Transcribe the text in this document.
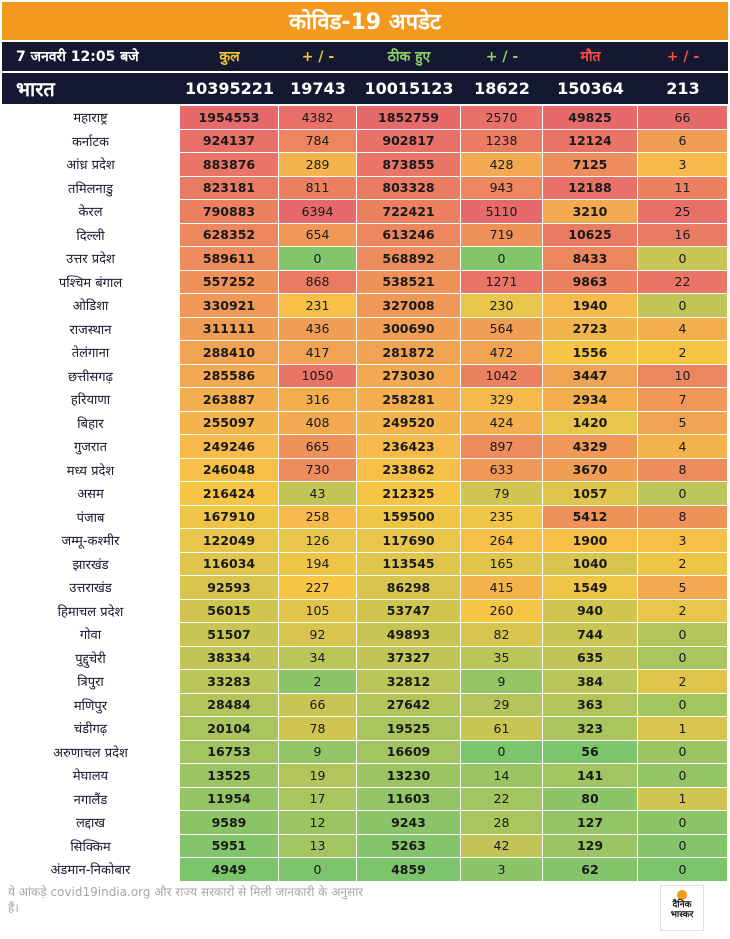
कोविड-19 अपडेट
7 जनवरी 12:05 बजे	कुल	+ / -	ठीक हुए	+ / -	मौत	+ / -
भारत	10395221	19743	10015123	18622	150364	213
महाराष्ट्र	1954553	4382	1852759	2570	49825	66
कर्नाटक	924137	784	902817	1238	12124	6
आंध्र प्रदेश	883876	289	873855	428	7125	3
तमिलनाडु	823181	811	803328	943	12188	11
केरल	790883	6394	722421	5110	3210	25
दिल्ली	628352	654	613246	719	10625	16
उत्तर प्रदेश	589611	0	568892	0	8433	0
पश्चिम बंगाल	557252	868	538521	1271	9863	22
ओडिशा	330921	231	327008	230	1940	0
राजस्थान	311111	436	300690	564	2723	4
तेलंगाना	288410	417	281872	472	1556	2
छत्तीसगढ़	285586	1050	273030	1042	3447	10
हरियाणा	263887	316	258281	329	2934	7
बिहार	255097	408	249520	424	1420	5
गुजरात	249246	665	236423	897	4329	4
मध्य प्रदेश	246048	730	233862	633	3670	8
असम	216424	43	212325	79	1057	0
पंजाब	167910	258	159500	235	5412	8
जम्मू-कश्मीर	122049	126	117690	264	1900	3
झारखंड	116034	194	113545	165	1040	2
उत्तराखंड	92593	227	86298	415	1549	5
हिमाचल प्रदेश	56015	105	53747	260	940	2
गोवा	51507	92	49893	82	744	0
पुद्दुचेरी	38334	34	37327	35	635	0
त्रिपुरा	33283	2	32812	9	384	2
मणिपुर	28484	66	27642	29	363	0
चंडीगढ़	20104	78	19525	61	323	1
अरुणाचल प्रदेश	16753	9	16609	0	56	0
मेघालय	13525	19	13230	14	141	0
नगालैंड	11954	17	11603	22	80	1
लद्दाख	9589	12	9243	28	127	0
सिक्किम	5951	13	5263	42	129	0
अंडमान-निकोबार	4949	0	4859	3	62	0
ये आंकड़े covid19india.org और राज्य सरकारों से मिली जानकारी के अनुसार हैं।	दैनिक
भास्कर
